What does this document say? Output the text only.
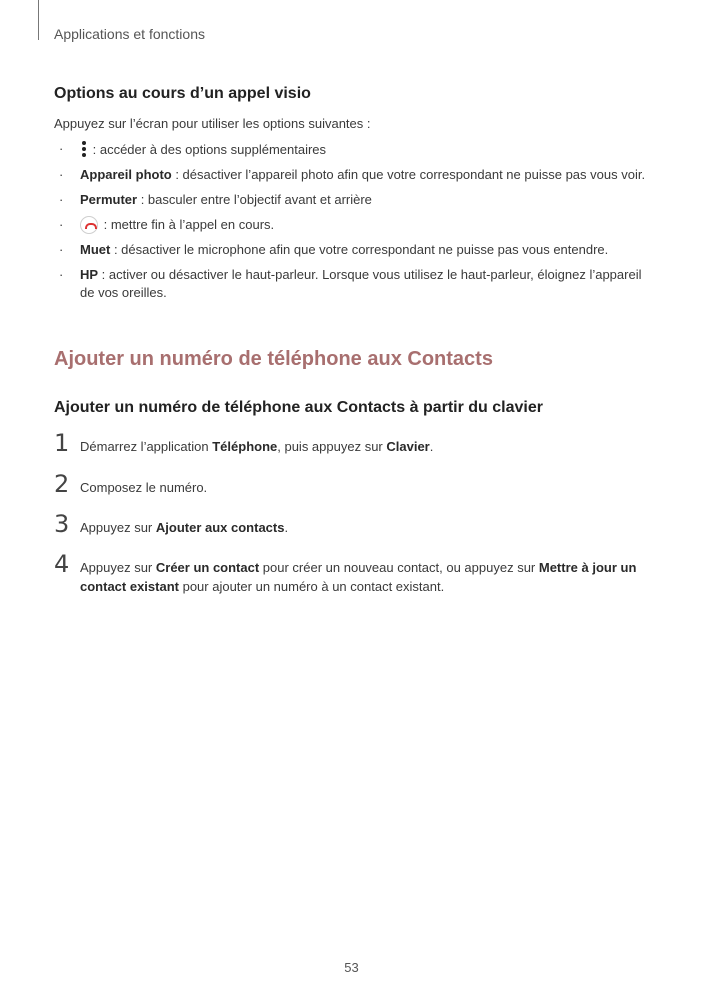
Applications et fonctions
Options au cours d’un appel visio
Appuyez sur l’écran pour utiliser les options suivantes :
· : accéder à des options supplémentaires
· Appareil photo : désactiver l’appareil photo afin que votre correspondant ne puisse pas vous voir.
· Permuter : basculer entre l’objectif avant et arrière
·	: mettre fin à l’appel en cours.
· Muet : désactiver le microphone afin que votre correspondant ne puisse pas vous entendre.
· HP : activer ou désactiver le haut-parleur. Lorsque vous utilisez le haut-parleur, éloignez l’appareil de vos oreilles.
Ajouter un numéro de téléphone aux Contacts
Ajouter un numéro de téléphone aux Contacts à partir du clavier
1 Démarrez l’application Téléphone, puis appuyez sur Clavier.
2 Composez le numéro.
3 Appuyez sur Ajouter aux contacts.
4 Appuyez sur Créer un contact pour créer un nouveau contact, ou appuyez sur Mettre à jour un contact existant pour ajouter un numéro à un contact existant.
53
